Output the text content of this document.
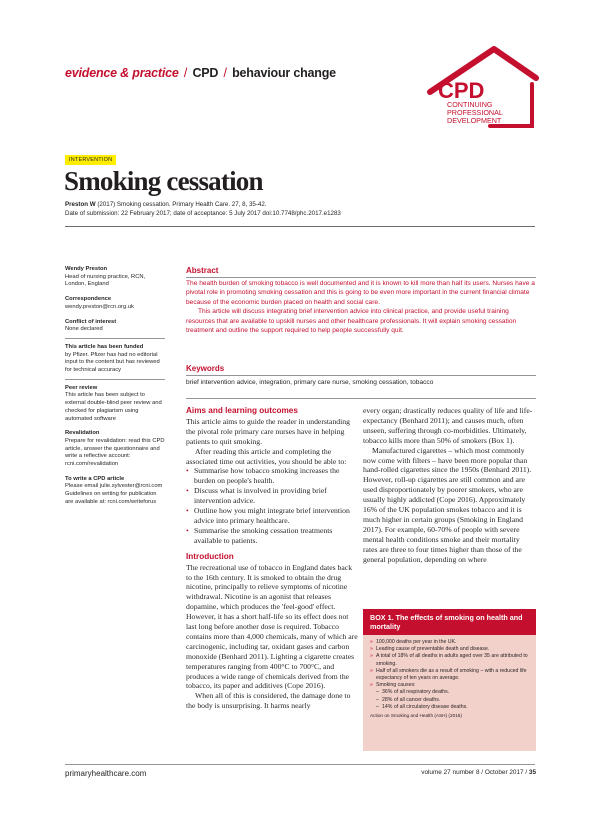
evidence & practice / CPD / behaviour change
CPD
CONTINUING
PROFESSIONAL
DEVELOPMENT
INTERVENTION
Smoking cessation
Preston W (2017) Smoking cessation. Primary Health Care. 27, 8, 35-42.
Date of submission: 22 February 2017; date of acceptance: 5 July 2017 doi:10.7748/phc.2017.e1283
Wendy Preston
Head of nursing practice, RCN, London, England
Correspondence
wendy.preston@rcn.org.uk
Conflict of interest
None declared
This article has been funded
by Pfizer. Pfizer has had no editorial input to the content but has reviewed for technical accuracy
Peer review
This article has been subject to external double-blind peer review and checked for plagiarism using automated software
Revalidation
Prepare for revalidation: read this CPD article, answer the questionnaire and write a reflective account: rcni.com/revalidation
To write a CPD article
Please email julie.sylvester@rcni.com Guidelines on writing for publication are available at: rcni.com/writeforus
Abstract

The health burden of smoking tobacco is well documented and it is known to kill more than half its users. Nurses have a pivotal role in promoting smoking cessation and this is going to be even more important in the current financial climate because of the economic burden placed on health and social care.

This article will discuss integrating brief intervention advice into clinical practice, and provide useful training resources that are available to upskill nurses and other healthcare professionals. It will explain smoking cessation treatment and outline the support required to help people successfully quit.

Keywords
brief intervention advice, integration, primary care nurse, smoking cessation, tobacco
Aims and learning outcomes

This article aims to guide the reader in understanding the pivotal role primary care nurses have in helping patients to quit smoking.

After reading this article and completing the associated time out activities, you should be able to:

• Summarise how tobacco smoking increases the burden on people's health.
• Discuss what is involved in providing brief intervention advice.
• Outline how you might integrate brief intervention advice into primary healthcare.
• Summarise the smoking cessation treatments available to patients.
Introduction

The recreational use of tobacco in England dates back to the 16th century. It is smoked to obtain the drug nicotine, principally to relieve symptoms of nicotine withdrawal. Nicotine is an agonist that releases dopamine, which produces the 'feel-good' effect. However, it has a short half-life so its effect does not last long before another dose is required. Tobacco contains more than 4,000 chemicals, many of which are carcinogenic, including tar, oxidant gases and carbon monoxide (Benhard 2011). Lighting a cigarette creates temperatures ranging from 400°C to 700°C, and produces a wide range of chemicals derived from the tobacco, its paper and additives (Cope 2016).

When all of this is considered, the damage done to the body is unsurprising. It harms nearly

every organ; drastically reduces quality of life and life-expectancy (Benhard 2011); and causes much, often unseen, suffering through co-morbidities. Ultimately, tobacco kills more than 50% of smokers (Box 1).

Manufactured cigarettes – which most commonly now come with filters – have been more popular than hand-rolled cigarettes since the 1950s (Benhard 2011). However, roll-up cigarettes are still common and are used disproportionately by poorer smokers, who are usually highly addicted (Cope 2016). Approximately 16% of the UK population smokes tobacco and it is much higher in certain groups (Smoking in England 2017). For example, 60-70% of people with severe mental health conditions smoke and their mortality rates are three to four times higher than those of the general population, depending on where

BOX 1. The effects of smoking on health and mortality
» 100,000 deaths per year in the UK.
» Leading cause of preventable death and disease.
» A total of 18% of all deaths in adults aged over 35 are attributed to smoking.
» Half of all smokers die as a result of smoking – with a reduced life expectancy of ten years on average.
» Smoking causes:
– 36% of all respiratory deaths.
– 28% of all cancer deaths.
– 14% of all circulatory disease deaths.
Action on Smoking and Health (ASH) (2016)
primaryhealthcare.com	volume 27 number 8 / October 2017 / 35
